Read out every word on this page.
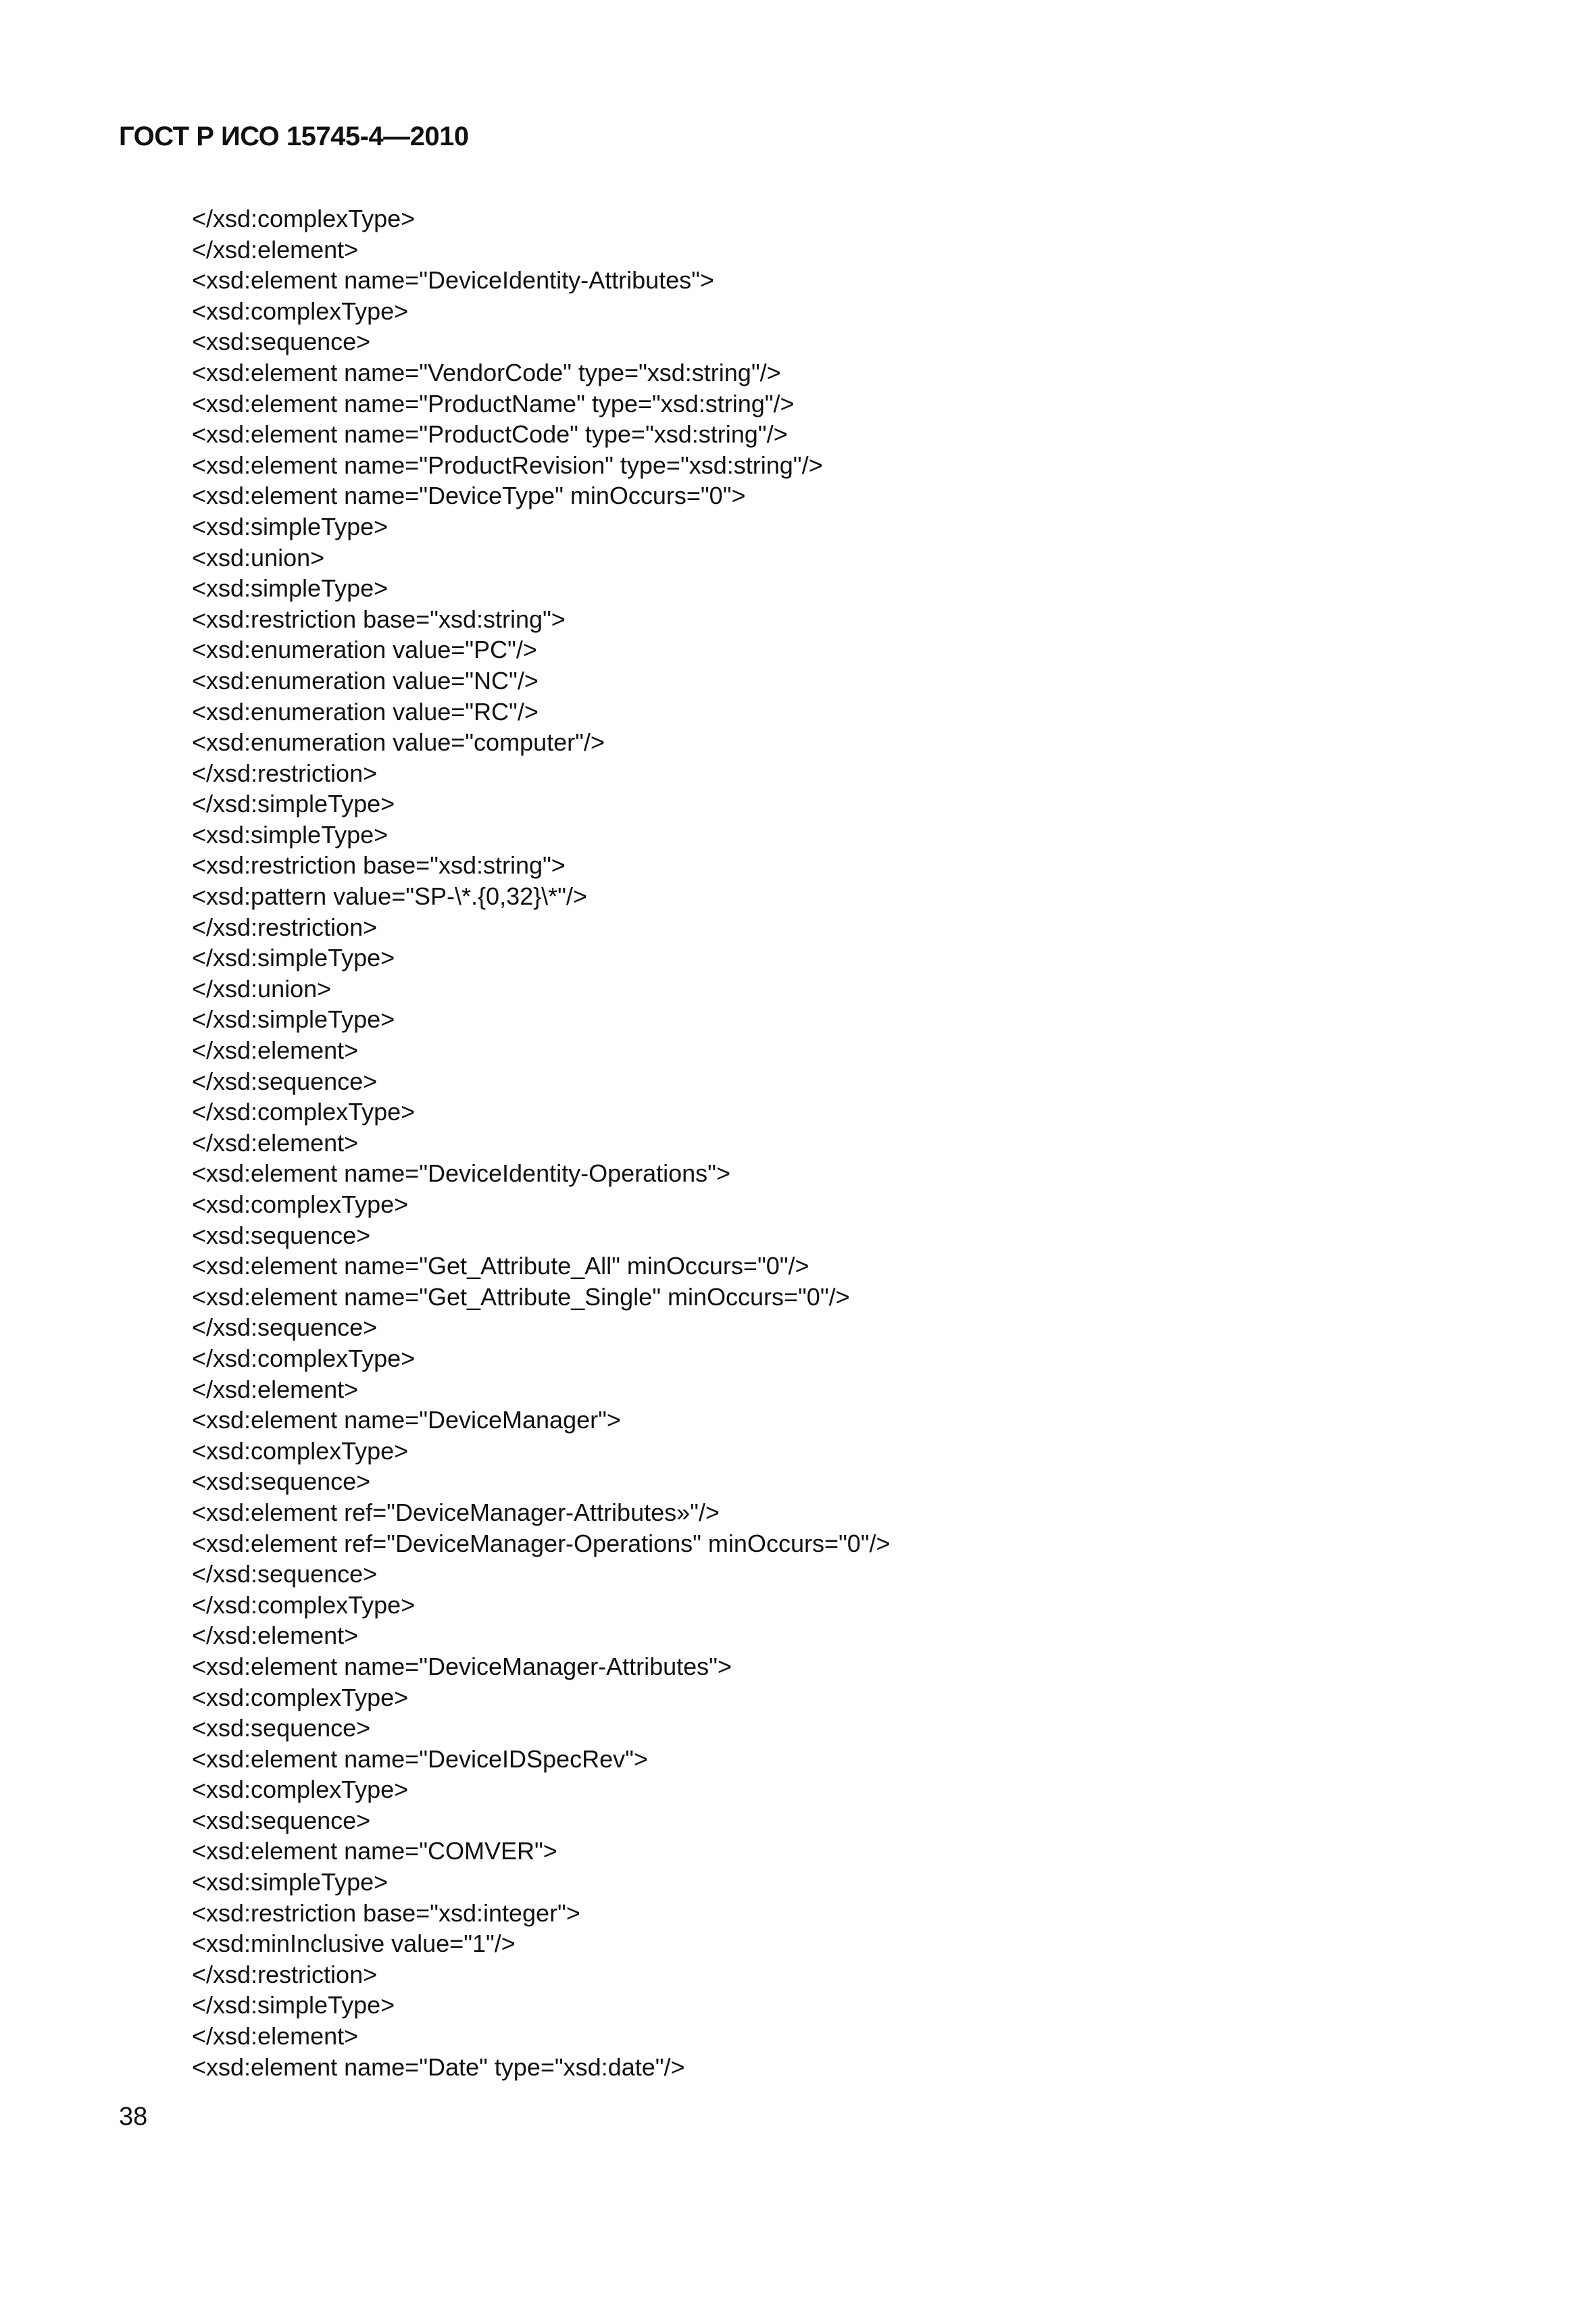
ГОСТ Р ИСО 15745-4—2010
</xsd:complexType>
</xsd:element>
<xsd:element name="DeviceIdentity-Attributes">
<xsd:complexType>
<xsd:sequence>
<xsd:element name="VendorCode" type="xsd:string"/>
<xsd:element name="ProductName" type="xsd:string"/>
<xsd:element name="ProductCode" type="xsd:string"/>
<xsd:element name="ProductRevision" type="xsd:string"/>
<xsd:element name="DeviceType" minOccurs="0">
<xsd:simpleType>
<xsd:union>
<xsd:simpleType>
<xsd:restriction base="xsd:string">
<xsd:enumeration value="PC"/>
<xsd:enumeration value="NC"/>
<xsd:enumeration value="RC"/>
<xsd:enumeration value="computer"/>
</xsd:restriction>
</xsd:simpleType>
<xsd:simpleType>
<xsd:restriction base="xsd:string">
<xsd:pattern value="SP-\*.{0,32}\*"/>
</xsd:restriction>
</xsd:simpleType>
</xsd:union>
</xsd:simpleType>
</xsd:element>
</xsd:sequence>
</xsd:complexType>
</xsd:element>
<xsd:element name="DeviceIdentity-Operations">
<xsd:complexType>
<xsd:sequence>
<xsd:element name="Get_Attribute_All" minOccurs="0"/>
<xsd:element name="Get_Attribute_Single" minOccurs="0"/>
</xsd:sequence>
</xsd:complexType>
</xsd:element>
<xsd:element name="DeviceManager">
<xsd:complexType>
<xsd:sequence>
<xsd:element ref="DeviceManager-Attributes»"/>
<xsd:element ref="DeviceManager-Operations" minOccurs="0"/>
</xsd:sequence>
</xsd:complexType>
</xsd:element>
<xsd:element name="DeviceManager-Attributes">
<xsd:complexType>
<xsd:sequence>
<xsd:element name="DeviceIDSpecRev">
<xsd:complexType>
<xsd:sequence>
<xsd:element name="COMVER">
<xsd:simpleType>
<xsd:restriction base="xsd:integer">
<xsd:minInclusive value="1"/>
</xsd:restriction>
</xsd:simpleType>
</xsd:element>
<xsd:element name="Date" type="xsd:date"/>
38
